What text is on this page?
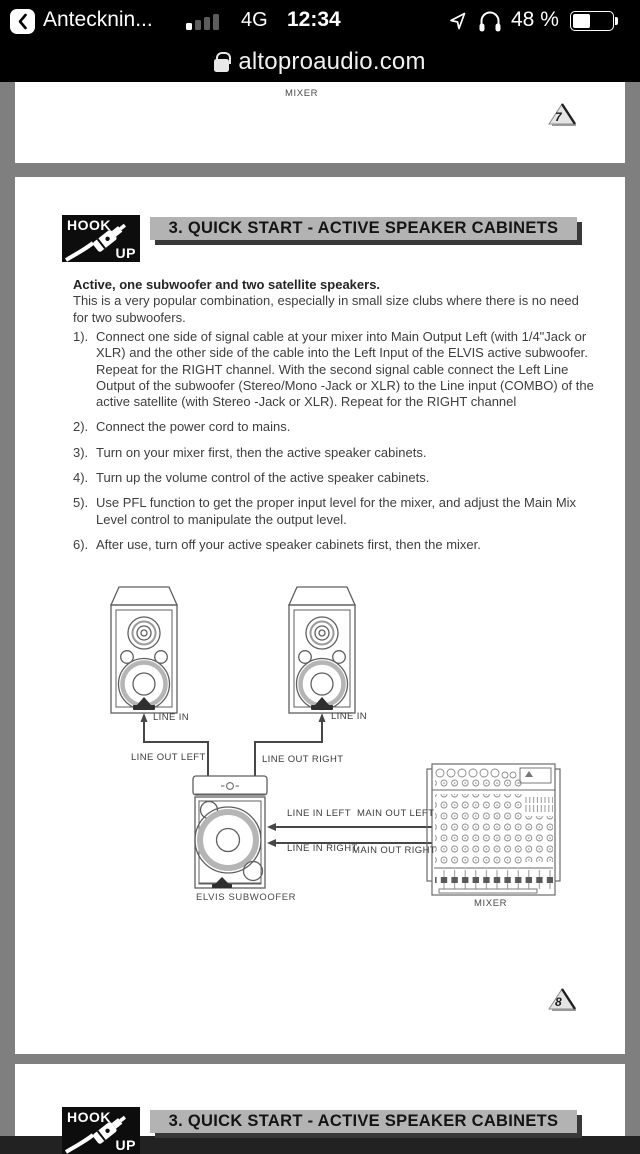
Antecknin...	4G 12:34	48 %
altoproaudio.com
MIXER
7
HOOK
UP
3. QUICK START - ACTIVE SPEAKER CABINETS
Active, one subwoofer and two satellite speakers.
This is a very popular combination, especially in small size clubs where there is no need for two subwoofers.
1). Connect one side of signal cable at your mixer into Main Output Left (with 1/4"Jack or XLR) and the other side of the cable into the Left Input of the ELVIS active subwoofer. Repeat for the RIGHT channel. With the second signal cable connect the Left Line Output of the subwoofer (Stereo/Mono -Jack or XLR) to the Line input (COMBO) of the active satellite (with Stereo -Jack or XLR). Repeat for the RIGHT channel
2). Connect the power cord to mains.
3). Turn on your mixer first, then the active speaker cabinets.
4). Turn up the volume control of the active speaker cabinets.
5). Use PFL function to get the proper input level for the mixer, and adjust the Main Mix Level control to manipulate the output level.
6). After use, turn off your active speaker cabinets first, then the mixer.
LINE IN	LINE IN
LINE OUT LEFT	LINE OUT RIGHT
LINE IN LEFT MAIN OUT LEFT
LINE IN RIGHT
MAIN OUT RIGHT
ELVIS SUBWOOFER
MIXER
8
HOOK
UP
3. QUICK START - ACTIVE SPEAKER CABINETS
